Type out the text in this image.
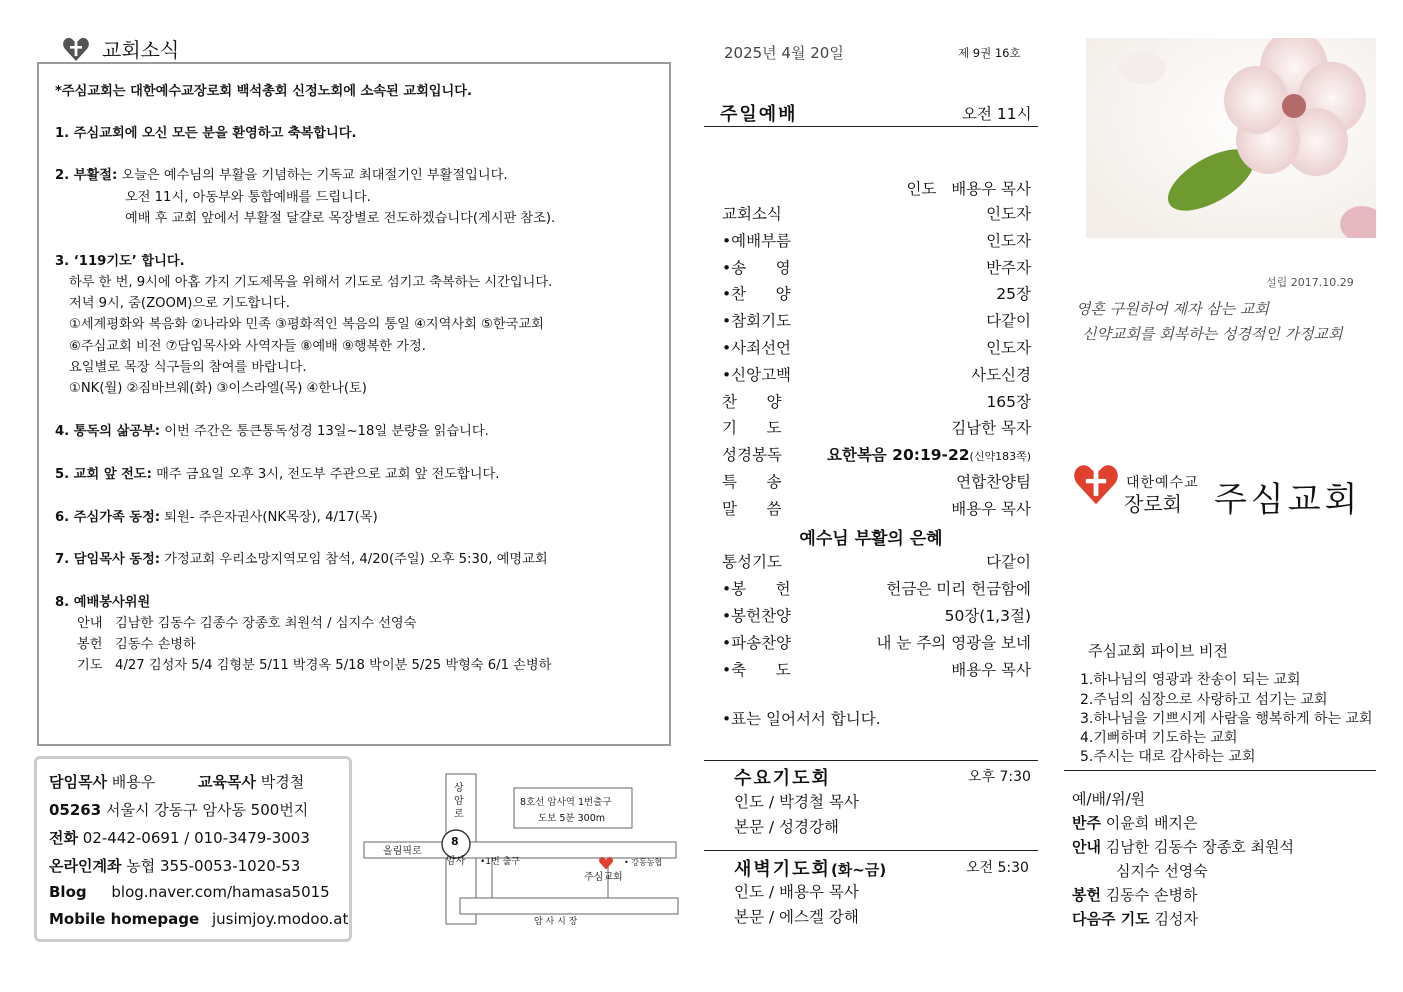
교회소식
*주심교회는 대한예수교장로회 백석총회 신정노회에 소속된 교회입니다.
1. 주심교회에 오신 모든 분을 환영하고 축복합니다.
2. 부활절: 오늘은 예수님의 부활을 기념하는 기독교 최대절기인 부활절입니다.
오전 11시, 아동부와 통합예배를 드립니다.
예배 후 교회 앞에서 부활절 달걀로 목장별로 전도하겠습니다(게시판 참조).
3. ‘119기도’ 합니다.
하루 한 번, 9시에 아홉 가지 기도제목을 위해서 기도로 섬기고 축복하는 시간입니다.
저녁 9시, 줌(ZOOM)으로 기도합니다.
①세계평화와 복음화 ②나라와 민족 ③평화적인 복음의 통일 ④지역사회 ⑤한국교회
⑥주심교회 비전 ⑦담임목사와 사역자들 ⑧예배 ⑨행복한 가정.
요일별로 목장 식구들의 참여를 바랍니다.
①NK(월) ②짐바브웨(화) ③이스라엘(목) ④한나(토)
4. 통독의 삶공부: 이번 주간은 통큰통독성경 13일~18일 분량을 읽습니다.
5. 교회 앞 전도: 매주 금요일 오후 3시, 전도부 주관으로 교회 앞 전도합니다.
6. 주심가족 동정: 퇴원- 주은자권사(NK목장), 4/17(목)
7. 담임목사 동정: 가정교회 우리소망지역모임 참석, 4/20(주일) 오후 5:30, 예명교회
8. 예배봉사위원
안내   김남한 김동수 김종수 장종호 최원석 / 심지수 선영숙
봉헌   김동수 손병하
기도   4/27 김성자 5/4 김형분 5/11 박경옥 5/18 박이분 5/25 박형숙 6/1 손병하
담임목사 배용우	교육목사 박경철
05263 서울시 강동구 암사동 500번지
전화 02-442-0691 / 010-3479-3003
온라인계좌 농협 355-0053-1020-53
Blog blog.naver.com/hamasa5015
Mobile homepage jusimjoy.modoo.at
상암로
올림픽로
8
암사 •1번 출구
8호선 암사역 1번출구
도보 5분 300m
주심교회
• 강동농협
암 사 시 장
2025년 4월 20일	제 9권 16호
주일예배	오전 11시
인도   배용우 목사
교회소식	인도자
•예배부름	인도자
•송      영	반주자
•찬      양	25장
•참회기도	다같이
•사죄선언	인도자
•신앙고백	사도신경
찬      양	165장
기      도	김남한 목자
성경봉독	요한복음 20:19-22(신약183쪽)
특      송	연합찬양팀
말      씀	배용우 목사
예수님 부활의 은혜
통성기도	다같이
•봉      헌	헌금은 미리 헌금함에
•봉헌찬양	50장(1,3절)
•파송찬양	내 눈 주의 영광을 보네
•축      도	배용우 목사
•표는 일어서서 합니다.
수요기도회	오후 7:30
인도 / 박경철 목사
본문 / 성경강해
새벽기도회(화~금)	오전 5:30
인도 / 배용우 목사
본문 / 에스겔 강해
설립 2017.10.29
영혼 구원하여 제자 삼는 교회
신약교회를 회복하는 성경적인 가정교회
대한예수교
장로회 주심교회
주심교회 파이브 비전
1.하나님의 영광과 찬송이 되는 교회
2.주님의 심장으로 사랑하고 섬기는 교회
3.하나님을 기쁘시게 사람을 행복하게 하는 교회
4.기뻐하며 기도하는 교회
5.주시는 대로 감사하는 교회
예/배/위/원
반주 이윤희 배지은
안내 김남한 김동수 장종호 최원석
심지수 선영숙
봉헌 김동수 손병하
다음주 기도 김성자
